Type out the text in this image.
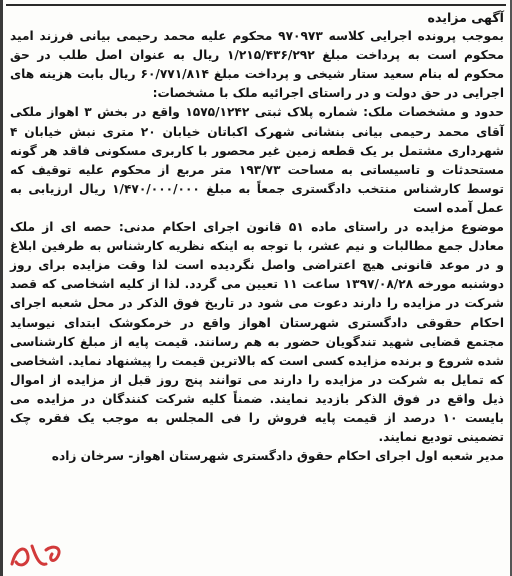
آگهی مزایده

بموجب پرونده اجرایی کلاسه ۹۷۰۹۷۳ محکوم علیه محمد رحیمی بیانی فرزند امید محکوم است به پرداخت مبلغ ۱/۲۱۵/۴۳۶/۲۹۲ ریال به عنوان اصل طلب در حق محکوم له بنام سعید ستار شیخی و پرداخت مبلغ ۶۰/۷۷۱/۸۱۴ ریال بابت هزینه های اجرایی در حق دولت و در راستای اجرائیه ملک با مشخصات:

حدود و مشخصات ملک: شماره پلاک ثبتی ۱۵۷۵/۱۲۴۲ واقع در بخش ۳ اهواز ملکی آقای محمد رحیمی بیانی بنشانی شهرک اکباتان خیابان ۲۰ متری نبش خیابان ۴ شهرداری مشتمل بر یک قطعه زمین غیر محصور با کاربری مسکونی فاقد هر گونه مستحدثات و تاسیساتی به مساحت ۱۹۳/۷۳ متر مربع از محکوم علیه توقیف که توسط کارشناس منتخب دادگستری جمعاً به مبلغ ۱/۴۷۰/۰۰۰/۰۰۰ ریال ارزیابی به عمل آمده است

موضوع مزایده در راستای ماده ۵۱ قانون اجرای احکام مدنی: حصه ای از ملک معادل جمع مطالبات و نیم عشر، با توجه به اینکه نظریه کارشناس به طرفین ابلاغ و در موعد قانونی هیچ اعتراضی واصل نگردیده است لذا وقت مزایده برای روز دوشنبه مورخه ۱۳۹۷/۰۸/۲۸ ساعت ۱۱ تعیین می گردد. لذا از کلیه اشخاصی که قصد شرکت در مزایده را دارند دعوت می شود در تاریخ فوق الذکر در محل شعبه اجرای احکام حقوقی دادگستری شهرستان اهواز واقع در خرمکوشک ابتدای نیوساید مجتمع قضایی شهید تندگویان حضور به هم رسانند. قیمت پایه از مبلغ کارشناسی شده شروع و برنده مزایده کسی است که بالاترین قیمت را پیشنهاد نماید. اشخاصی که تمایل به شرکت در مزایده را دارند می توانند پنج روز قبل از مزایده از اموال ذیل واقع در فوق الذکر بازدید نمایند. ضمناً کلیه شرکت کنندگان در مزایده می بایست ۱۰ درصد از قیمت پایه فروش را فی المجلس به موجب یک فقره چک تضمینی تودیع نمایند.

مدیر شعبه اول اجرای احکام حقوق دادگستری شهرستان اهواز- سرخان زاده
